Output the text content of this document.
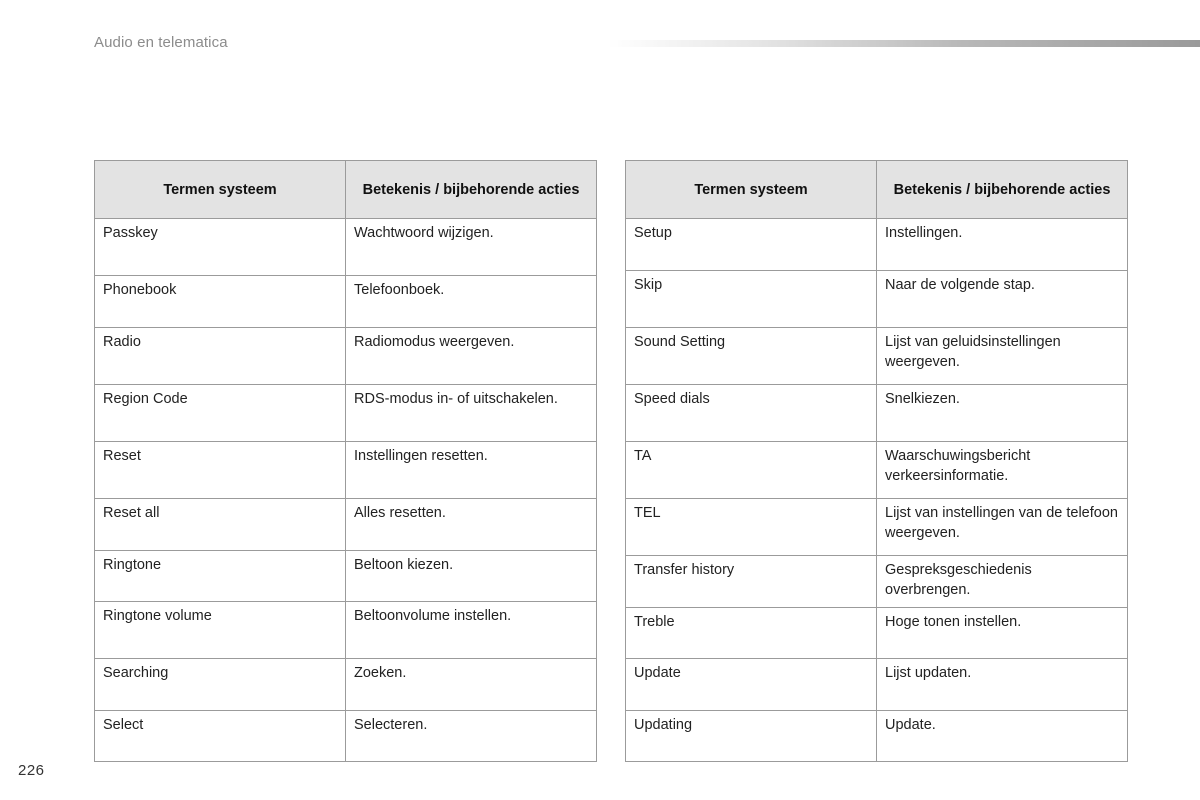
Audio en telematica
Termen systeem	Betekenis / bijbehorende acties
Passkey	Wachtwoord wijzigen.
Phonebook	Telefoonboek.
Radio	Radiomodus weergeven.
Region Code	RDS-modus in- of uitschakelen.
Reset	Instellingen resetten.
Reset all	Alles resetten.
Ringtone	Beltoon kiezen.
Ringtone volume	Beltoonvolume instellen.
Searching	Zoeken.
Select	Selecteren.
Termen systeem	Betekenis / bijbehorende acties
Setup	Instellingen.
Skip	Naar de volgende stap.
Sound Setting	Lijst van geluidsinstellingen weergeven.
Speed dials	Snelkiezen.
TA	Waarschuwingsbericht verkeersinformatie.
TEL	Lijst van instellingen van de telefoon weergeven.
Transfer history	Gespreksgeschiedenis overbrengen.
Treble	Hoge tonen instellen.
Update	Lijst updaten.
Updating	Update.
226
